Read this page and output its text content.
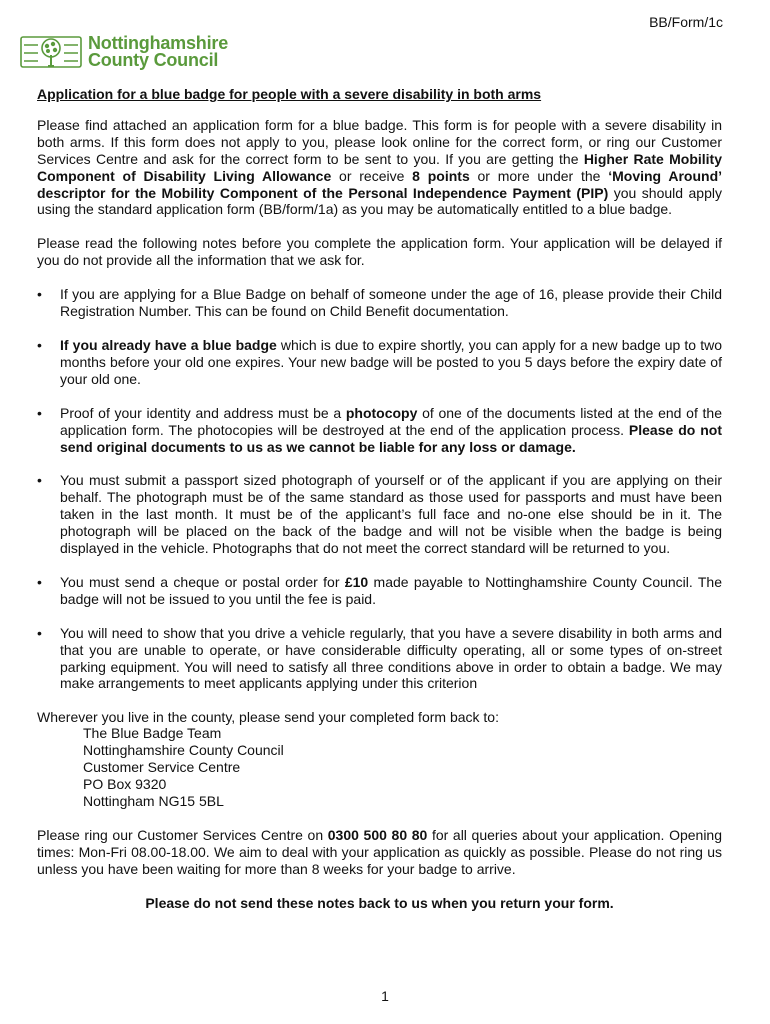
BB/Form/1c
Nottinghamshire
County Council
Application for a blue badge for people with a severe disability in both arms

Please find attached an application form for a blue badge. This form is for people with a severe disability in both arms. If this form does not apply to you, please look online for the correct form, or ring our Customer Services Centre and ask for the correct form to be sent to you. If you are getting the Higher Rate Mobility Component of Disability Living Allowance or receive 8 points or more under the ‘Moving Around’ descriptor for the Mobility Component of the Personal Independence Payment (PIP) you should apply using the standard application form (BB/form/1a) as you may be automatically entitled to a blue badge.

Please read the following notes before you complete the application form. Your application will be delayed if you do not provide all the information that we ask for.

• If you are applying for a Blue Badge on behalf of someone under the age of 16, please provide their Child Registration Number. This can be found on Child Benefit documentation.
• If you already have a blue badge which is due to expire shortly, you can apply for a new badge up to two months before your old one expires. Your new badge will be posted to you 5 days before the expiry date of your old one.
• Proof of your identity and address must be a photocopy of one of the documents listed at the end of the application form. The photocopies will be destroyed at the end of the application process. Please do not send original documents to us as we cannot be liable for any loss or damage.
• You must submit a passport sized photograph of yourself or of the applicant if you are applying on their behalf. The photograph must be of the same standard as those used for passports and must have been taken in the last month. It must be of the applicant’s full face and no-one else should be in it. The photograph will be placed on the back of the badge and will not be visible when the badge is being displayed in the vehicle. Photographs that do not meet the correct standard will be returned to you.
• You must send a cheque or postal order for £10 made payable to Nottinghamshire County Council. The badge will not be issued to you until the fee is paid.
• You will need to show that you drive a vehicle regularly, that you have a severe disability in both arms and that you are unable to operate, or have considerable difficulty operating, all or some types of on-street parking equipment. You will need to satisfy all three conditions above in order to obtain a badge. We may make arrangements to meet applicants applying under this criterion

Wherever you live in the county, please send your completed form back to:

The Blue Badge Team
Nottinghamshire County Council
Customer Service Centre
PO Box 9320
Nottingham NG15 5BL

Please ring our Customer Services Centre on 0300 500 80 80 for all queries about your application. Opening times: Mon-Fri 08.00-18.00. We aim to deal with your application as quickly as possible. Please do not ring us unless you have been waiting for more than 8 weeks for your badge to arrive.

Please do not send these notes back to us when you return your form.

1
